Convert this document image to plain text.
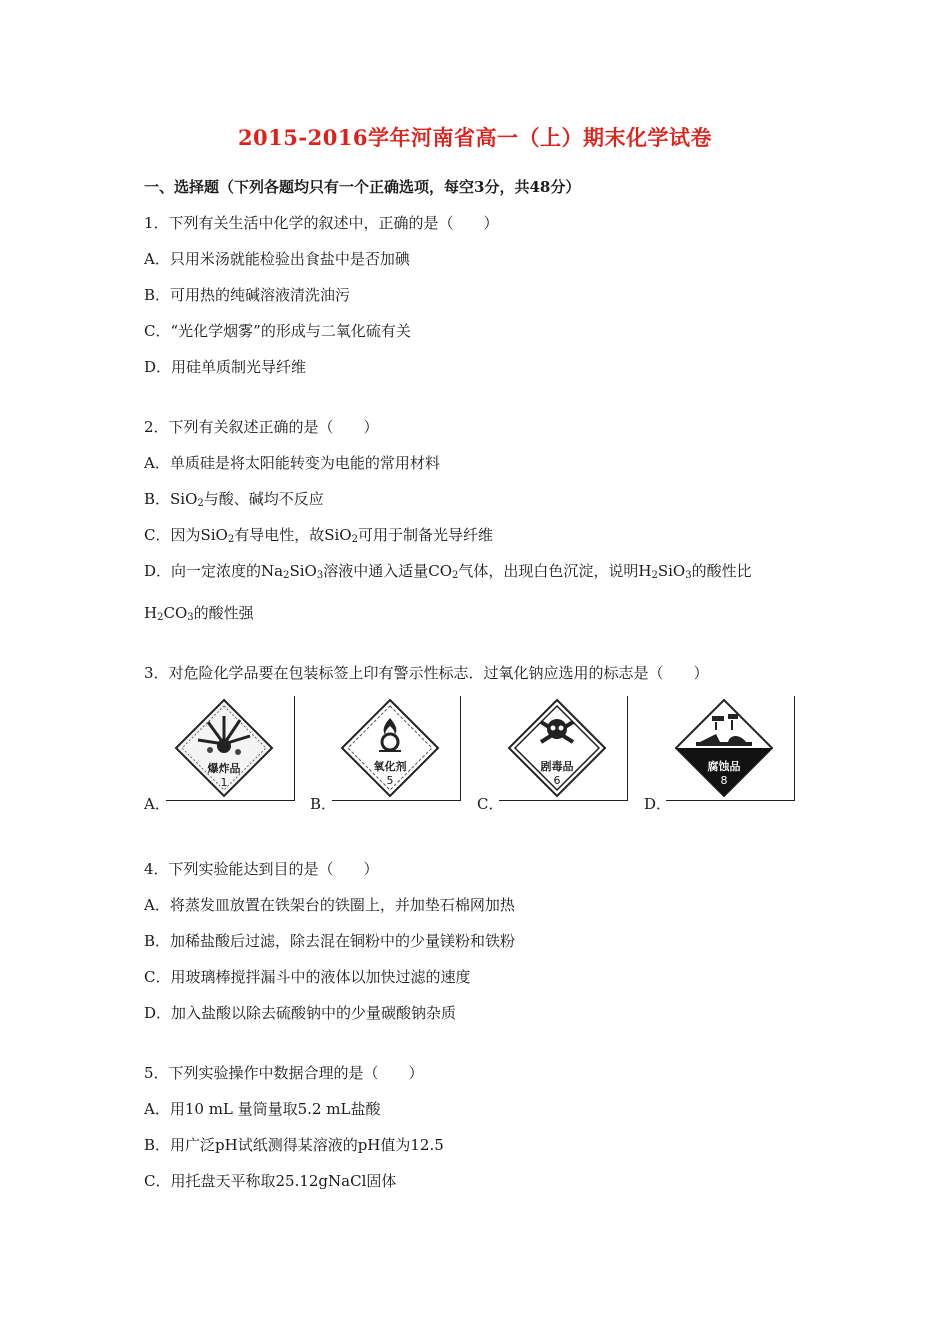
2015-2016学年河南省高一（上）期末化学试卷
一、选择题（下列各题均只有一个正确选项，每空3分，共48分）
1．下列有关生活中化学的叙述中，正确的是（　　）
A．只用米汤就能检验出食盐中是否加碘
B．可用热的纯碱溶液清洗油污
C．“光化学烟雾”的形成与二氧化硫有关
D．用硅单质制光导纤维
2．下列有关叙述正确的是（　　）
A．单质硅是将太阳能转变为电能的常用材料
B．SiO$_2$与酸、碱均不反应
C．因为SiO$_2$有导电性，故SiO$_2$可用于制备光导纤维
D．向一定浓度的$Na_2SiO_3$溶液中通入适量$CO_2$气体，出现白色沉淀，说明$H_2SiO_3$的酸性比
$H_2CO_3$的酸性强
3．对危险化学品要在包装标签上印有警示性标志．过氧化钠应选用的标志是（　　）
A．
爆炸品
1
B．
氧化剂
5
C．
剧毒品
6
D．
腐蚀品
8
4．下列实验能达到目的是（　　）
A．将蒸发皿放置在铁架台的铁圈上，并加垫石棉网加热
B．加稀盐酸后过滤，除去混在铜粉中的少量镁粉和铁粉
C．用玻璃棒搅拌漏斗中的液体以加快过滤的速度
D．加入盐酸以除去硫酸钠中的少量碳酸钠杂质
5．下列实验操作中数据合理的是（　　）
A．用10 mL 量筒量取5.2 mL盐酸
B．用广泛pH试纸测得某溶液的pH值为12.5
C．用托盘天平称取25.12gNaCl固体
